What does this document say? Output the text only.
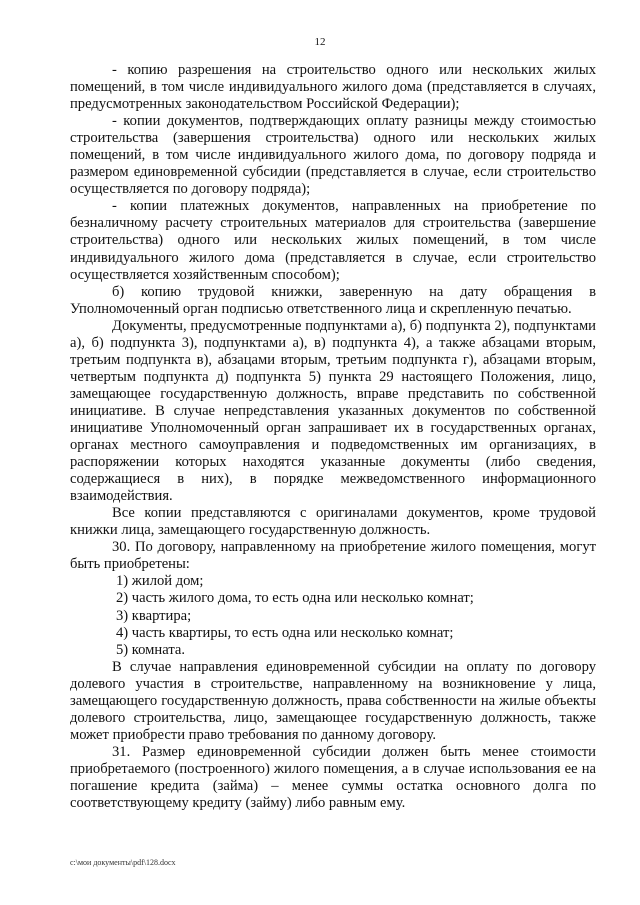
12

- копию разрешения на строительство одного или нескольких жилых помещений, в том числе индивидуального жилого дома (представляется в случаях, предусмотренных законодательством Российской Федерации);

- копии документов, подтверждающих оплату разницы между стоимостью строительства (завершения строительства) одного или нескольких жилых помещений, в том числе индивидуального жилого дома, по договору подряда и размером единовременной субсидии (представляется в случае, если строительство осуществляется по договору подряда);

- копии платежных документов, направленных на приобретение по безналичному расчету строительных материалов для строительства (завершение строительства) одного или нескольких жилых помещений, в том числе индивидуального жилого дома (представляется в случае, если строительство осуществляется хозяйственным способом);

б) копию трудовой книжки, заверенную на дату обращения в Уполномоченный орган подписью ответственного лица и скрепленную печатью.

Документы, предусмотренные подпунктами а), б) подпункта 2), подпунктами а), б) подпункта 3), подпунктами а), в) подпункта 4), а также абзацами вторым, третьим подпункта в), абзацами вторым, третьим подпункта г), абзацами вторым, четвертым подпункта д) подпункта 5) пункта 29 настоящего Положения, лицо, замещающее государственную должность, вправе представить по собственной инициативе. В случае непредставления указанных документов по собственной инициативе Уполномоченный орган запрашивает их в государственных органах, органах местного самоуправления и подведомственных им организациях, в распоряжении которых находятся указанные документы (либо сведения, содержащиеся в них), в порядке межведомственного информационного взаимодействия.

Все копии представляются с оригиналами документов, кроме трудовой книжки лица, замещающего государственную должность.

30. По договору, направленному на приобретение жилого помещения, могут быть приобретены:

1) жилой дом;

2) часть жилого дома, то есть одна или несколько комнат;

3) квартира;

4) часть квартиры, то есть одна или несколько комнат;

5) комната.

В случае направления единовременной субсидии на оплату по договору долевого участия в строительстве, направленному на возникновение у лица, замещающего государственную должность, права собственности на жилые объекты долевого строительства, лицо, замещающее государственную должность, также может приобрести право требования по данному договору.

31. Размер единовременной субсидии должен быть менее стоимости приобретаемого (построенного) жилого помещения, а в случае использования ее на погашение кредита (займа) – менее суммы остатка основного долга по соответствующему кредиту (займу) либо равным ему.

c:\мои документы\pdf\128.docx
